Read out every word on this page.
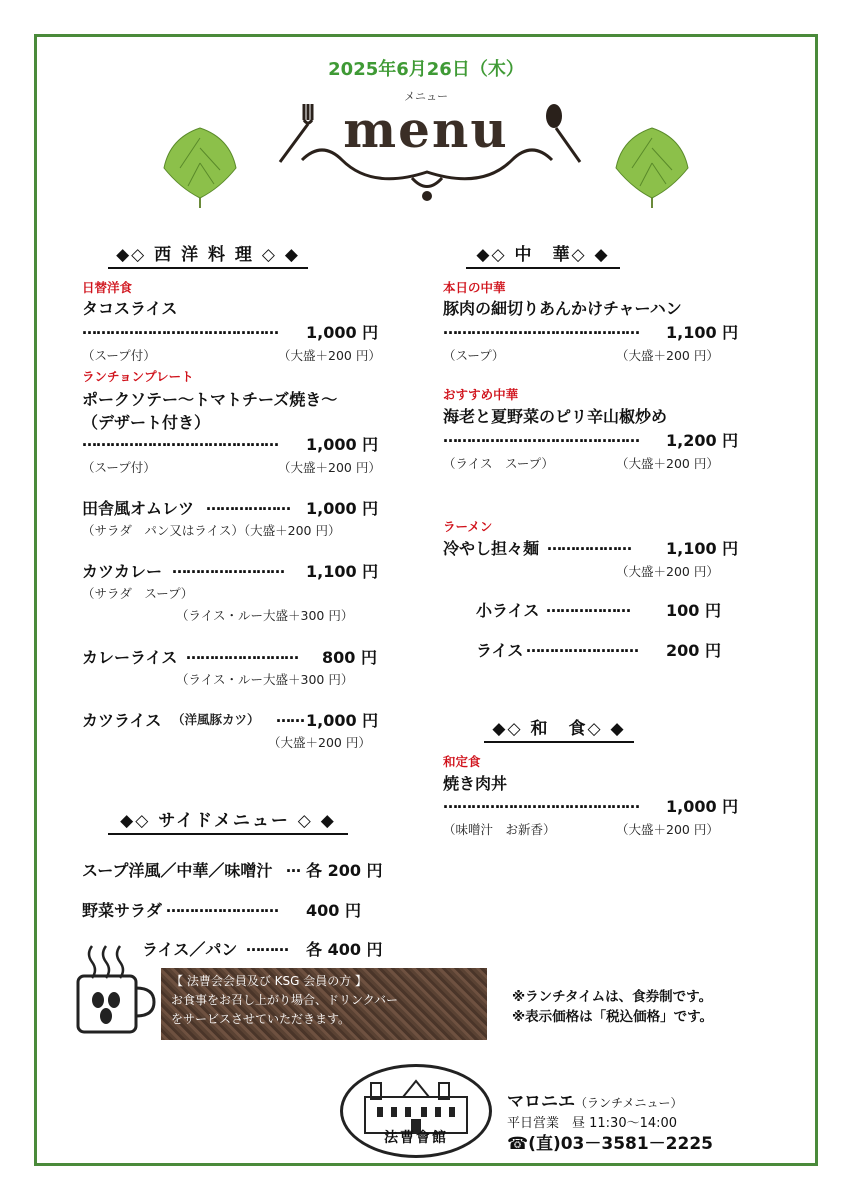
2025年6月26日（木）
メニュー
menu
◆◇ 西 洋 料 理 ◇ ◆
日替洋食
タコスライス
…………………………………… 1,000 円
（スープ付）	（大盛＋200 円）
ランチョンプレート
ポークソテー～トマトチーズ焼き～
（デザート付き）
…………………………………… 1,000 円
（スープ付）	（大盛＋200 円）
田舎風オムレツ ……………… 1,000 円
（サラダ　パン又はライス）（大盛＋200 円）
カツカレー …………………… 1,100 円
（サラダ　スープ）
（ライス・ルー大盛＋300 円）
カレーライス …………………… 800 円
（ライス・ルー大盛＋300 円）
カツライス （洋風豚カツ） …… 1,000 円
（大盛＋200 円）
◆◇ サイドメニュー ◇ ◆
スープ洋風／中華／味噌汁 … 各 200 円
野菜サラダ …………………… 400 円
ライス／パン ……… 各 400 円
【 法曹会会員及び KSG 会員の方 】
お食事をお召し上がり場合、ドリンクバー
をサービスさせていただきます。
◆◇ 中　華◇ ◆
本日の中華
豚肉の細切りあんかけチャーハン
…………………………………… 1,100 円
（スープ）	（大盛＋200 円）
おすすめ中華
海老と夏野菜のピリ辛山椒炒め
…………………………………… 1,200 円
（ライス　スープ）	（大盛＋200 円）
ラーメン
冷やし担々麺 ……………… 1,100 円
（大盛＋200 円）
小ライス ……………… 100 円
ライス …………………… 200 円
◆◇ 和　食◇ ◆
和定食
焼き肉丼
…………………………………… 1,000 円
（味噌汁　お新香）	（大盛＋200 円）
※ランチタイムは、食券制です。
※表示価格は「税込価格」です。
法曹會館
マロニエ（ランチメニュー）
平日営業　昼 11:30～14:00
☎(直)03－3581－2225
